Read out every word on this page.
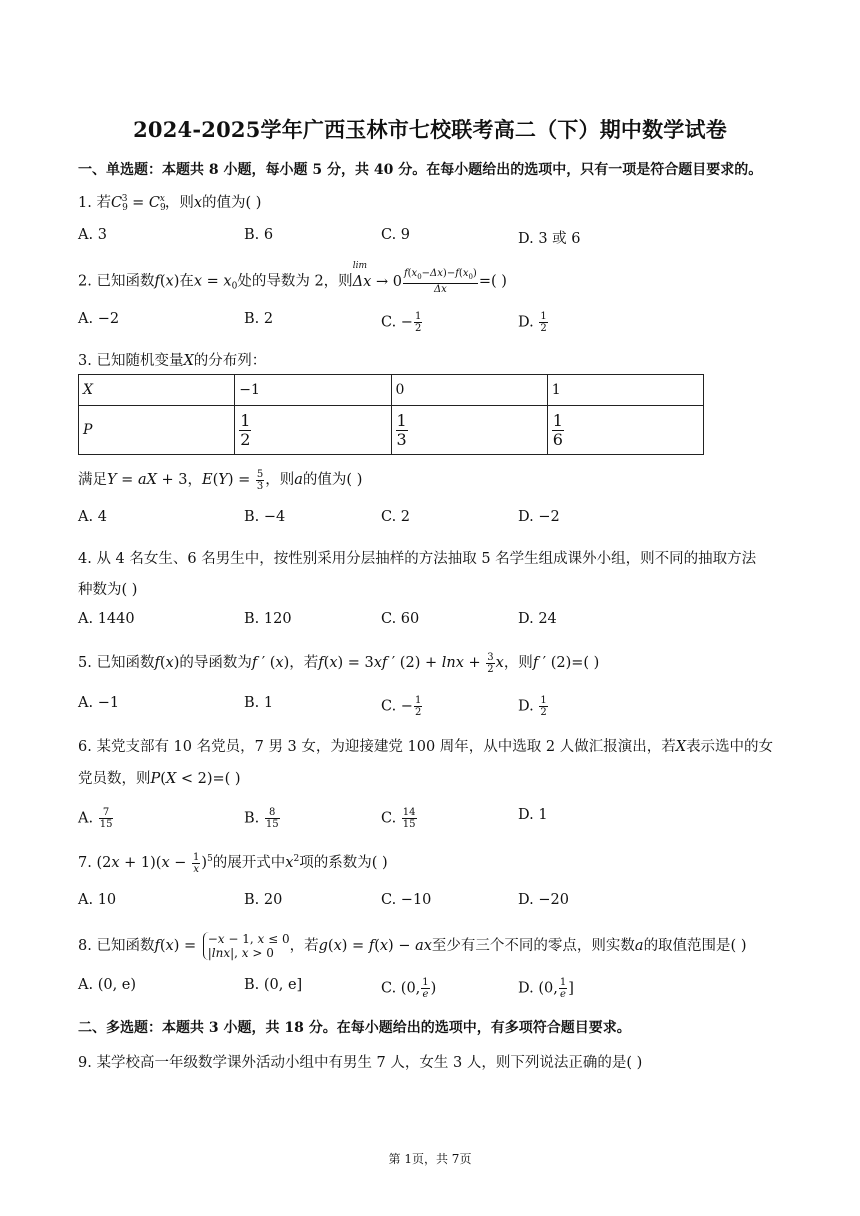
2024-2025学年广西玉林市七校联考高二（下）期中数学试卷
一、单选题：本题共 8 小题，每小题 5 分，共 40 分。在每小题给出的选项中，只有一项是符合题目要求的。
1. 若$C_9^3 = C_9^x$，则x的值为( )
A. 3	B. 6	C. 9	D. 3 或 6
2. 已知函数f(x)在$x = x_0$处的导数为 2，则
lim
$\Delta x \to 0 \frac{f(x_0-\Delta x)-f(x_0)}{\Delta x}$ =( )
A. −2	B. 2	C. − $\frac{1}{2}$	D. $\frac{1}{2}$
3. 已知随机变量X的分布列：
X	−1	0	1
P	$\frac{1}{2}$	$\frac{1}{3}$	$\frac{1}{6}$
满足Y = aX + 3，$E(Y) = \frac{5}{3}$ ，则a的值为( )
A. 4	B. −4	C. 2	D. −2
4. 从 4 名女生、6 名男生中，按性别采用分层抽样的方法抽取 5 名学生组成课外小组，则不同的抽取方法
种数为( )
A. 1440	B. 120	C. 60	D. 24
5. 已知函数f(x)的导函数为f ′ (x)，若f(x) = 3xf ′ $(2) + \ln x + \frac{3}{2}$ x，则f ′ (2)=( )
A. −1	B. 1	C. − $\frac{1}{2}$	D. $\frac{1}{2}$
6. 某党支部有 10 名党员，7 男 3 女，为迎接建党 100 周年，从中选取 2 人做汇报演出，若X表示选中的女
党员数，则P(X < 2)=( )
A. $\frac{7}{15}$	B. $\frac{8}{15}$	C. $\frac{14}{15}$	D. 1
7. $(2x + 1)(x - \frac{1}{x} )^5$的展开式中$x^2$项的系数为( )
A. 10	B. 20	C. −10	D. −20
8. 已知函数f(x) = −x − 1, x ≤ 0
|lnx|, x > 0	，若g(x) = f(x) − ax至少有三个不同的零点，则实数a的取值范围是( )
A. (0, e)	B. (0, e]	C. (0, $\frac{1}{e}$ )	D. (0, $\frac{1}{e}$ ]
二、多选题：本题共 3 小题，共 18 分。在每小题给出的选项中，有多项符合题目要求。
9. 某学校高一年级数学课外活动小组中有男生 7 人，女生 3 人，则下列说法正确的是( )
第 1页，共 7页
